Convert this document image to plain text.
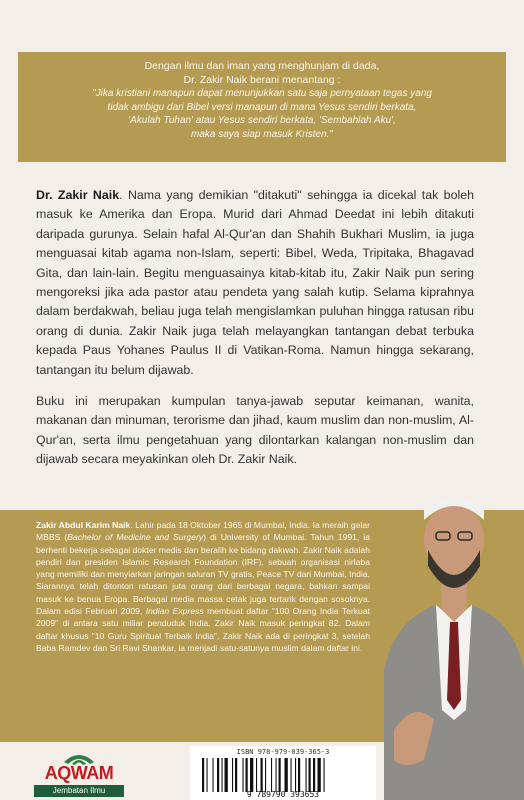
Dengan ilmu dan iman yang menghunjam di dada,
Dr. Zakir Naik berani menantang :
"Jika kristiani manapun dapat menunjukkan satu saja pernyataan tegas yang
tidak ambigu dari Bibel versi manapun di mana Yesus sendiri berkata,
'Akulah Tuhan' atau Yesus sendiri berkata, 'Sembahlah Aku',
maka saya siap masuk Kristen."

Dr. Zakir Naik. Nama yang demikian "ditakuti" sehingga ia dicekal tak boleh masuk ke Amerika dan Eropa. Murid dari Ahmad Deedat ini lebih ditakuti daripada gurunya. Selain hafal Al-Qur'an dan Shahih Bukhari Muslim, ia juga menguasai kitab agama non-Islam, seperti: Bibel, Weda, Tripitaka, Bhagavad Gita, dan lain-lain. Begitu menguasainya kitab-kitab itu, Zakir Naik pun sering mengoreksi jika ada pastor atau pendeta yang salah kutip. Selama kiprahnya dalam berdakwah, beliau juga telah mengislamkan puluhan hingga ratusan ribu orang di dunia. Zakir Naik juga telah melayangkan tantangan debat terbuka kepada Paus Yohanes Paulus II di Vatikan-Roma. Namun hingga sekarang, tantangan itu belum dijawab.

Buku ini merupakan kumpulan tanya-jawab seputar keimanan, wanita, makanan dan minuman, terorisme dan jihad, kaum muslim dan non-muslim, Al-Qur'an, serta ilmu pengetahuan yang dilontarkan kalangan non-muslim dan dijawab secara meyakinkan oleh Dr. Zakir Naik.

Zakir Abdul Karim Naik. Lahir pada 18 Oktober 1965 di Mumbai, India. Ia meraih gelar MBBS (Bachelor of Medicine and Surgery) di University of Mumbai. Tahun 1991, ia berhenti bekerja sebagai dokter medis dan beralih ke bidang dakwah. Zakir Naik adalah pendiri dan presiden Islamic Research Foundation (IRF), sebuah organisasi nirlaba yang memiliki dan menyiarkan jaringan saluran TV gratis, Peace TV dari Mumbai, India. Siarannya telah ditonton ratusan juta orang dari berbagai negara, bahkan sampai masuk ke benua Eropa. Berbagai media massa cetak juga tertarik dengan sosoknya. Dalam edisi Februari 2009, Indian Express membuat daftar "100 Orang India Terkuat 2009" di antara satu miliar penduduk India, Zakir Naik masuk peringkat 82. Dalam daftar khusus "10 Guru Spiritual Terbaik India", Zakir Naik ada di peringkat 3, setelah Baba Ramdev dan Sri Ravi Shankar, ia menjadi satu-satunya muslim dalam daftar ini.
AQWAM
Jembatan Ilmu
ISBN 978-979-039-365-3
9 789790 393653
